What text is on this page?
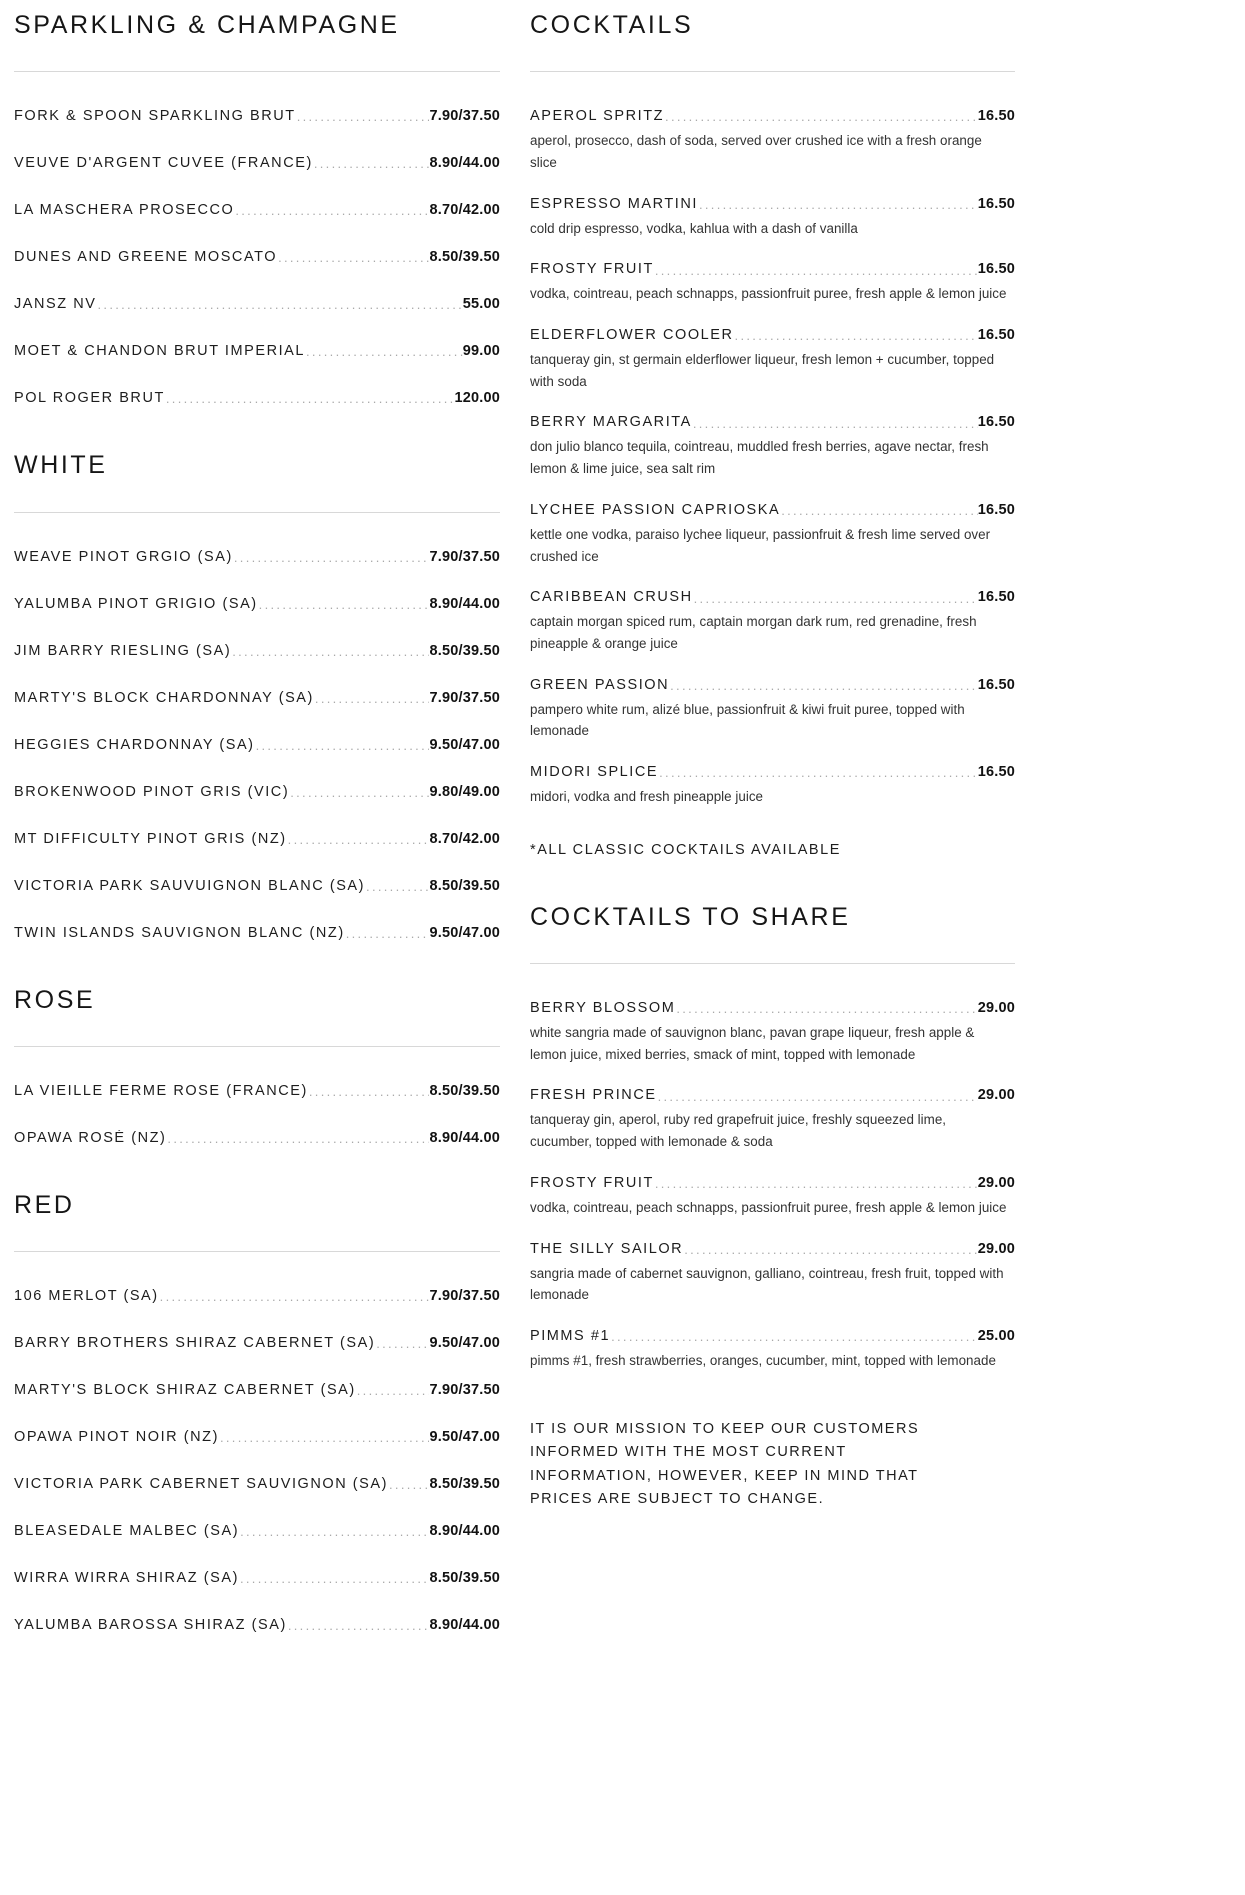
SPARKLING & CHAMPAGNE
FORK & SPOON SPARKLING BRUT .....	7.90/37.50
VEUVE D'ARGENT CUVEE (FRANCE) .....	8.90/44.00
LA MASCHERA PROSECCO .....	8.70/42.00
DUNES AND GREENE MOSCATO .....	8.50/39.50
JANSZ NV .....	55.00
MOET & CHANDON BRUT IMPERIAL .....	99.00
POL ROGER BRUT .....	120.00
WHITE
WEAVE PINOT GRGIO (SA) .....	7.90/37.50
YALUMBA PINOT GRIGIO (SA) .....	8.90/44.00
JIM BARRY RIESLING (SA) .....	8.50/39.50
MARTY'S BLOCK CHARDONNAY (SA) .....	7.90/37.50
HEGGIES CHARDONNAY (SA) .....	9.50/47.00
BROKENWOOD PINOT GRIS (VIC) .....	9.80/49.00
MT DIFFICULTY PINOT GRIS (NZ) .....	8.70/42.00
VICTORIA PARK SAUVUIGNON BLANC (SA) .....	8.50/39.50
TWIN ISLANDS SAUVIGNON BLANC (NZ) .....	9.50/47.00
ROSE
LA VIEILLE FERME ROSE (FRANCE) .....	8.50/39.50
OPAWA ROSÉ (NZ) .....	8.90/44.00
RED
106 MERLOT (SA) .....	7.90/37.50
BARRY BROTHERS SHIRAZ CABERNET (SA) .....	9.50/47.00
MARTY'S BLOCK SHIRAZ CABERNET (SA) .....	7.90/37.50
OPAWA PINOT NOIR (NZ) .....	9.50/47.00
VICTORIA PARK CABERNET SAUVIGNON (SA) .....	8.50/39.50
BLEASEDALE MALBEC (SA) .....	8.90/44.00
WIRRA WIRRA SHIRAZ (SA) .....	8.50/39.50
YALUMBA BAROSSA SHIRAZ (SA) .....	8.90/44.00
COCKTAILS
APEROL SPRITZ .....	16.50
aperol, prosecco, dash of soda, served over crushed ice with a fresh orange slice
ESPRESSO MARTINI .....	16.50
cold drip espresso, vodka, kahlua with a dash of vanilla
FROSTY FRUIT .....	16.50
vodka, cointreau, peach schnapps, passionfruit puree, fresh apple & lemon juice
ELDERFLOWER COOLER .....	16.50
tanqueray gin, st germain elderflower liqueur, fresh lemon + cucumber, topped with soda
BERRY MARGARITA .....	16.50
don julio blanco tequila, cointreau, muddled fresh berries, agave nectar, fresh lemon & lime juice, sea salt rim
LYCHEE PASSION CAPRIOSKA .....	16.50
kettle one vodka, paraiso lychee liqueur, passionfruit & fresh lime served over crushed ice
CARIBBEAN CRUSH .....	16.50
captain morgan spiced rum, captain morgan dark rum, red grenadine, fresh pineapple & orange juice
GREEN PASSION .....	16.50
pampero white rum, alizé blue, passionfruit & kiwi fruit puree, topped with lemonade
MIDORI SPLICE .....	16.50
midori, vodka and fresh pineapple juice
*ALL CLASSIC COCKTAILS AVAILABLE
COCKTAILS TO SHARE
BERRY BLOSSOM .....	29.00
white sangria made of sauvignon blanc, pavan grape liqueur, fresh apple & lemon juice, mixed berries, smack of mint, topped with lemonade
FRESH PRINCE .....	29.00
tanqueray gin, aperol, ruby red grapefruit juice, freshly squeezed lime, cucumber, topped with lemonade & soda
FROSTY FRUIT .....	29.00
vodka, cointreau, peach schnapps, passionfruit puree, fresh apple & lemon juice
THE SILLY SAILOR .....	29.00
sangria made of cabernet sauvignon, galliano, cointreau, fresh fruit, topped with lemonade
PIMMS #1 .....	25.00
pimms #1, fresh strawberries, oranges, cucumber, mint, topped with lemonade
IT IS OUR MISSION TO KEEP OUR CUSTOMERS
INFORMED WITH THE MOST CURRENT
INFORMATION, HOWEVER, KEEP IN MIND THAT
PRICES ARE SUBJECT TO CHANGE.
